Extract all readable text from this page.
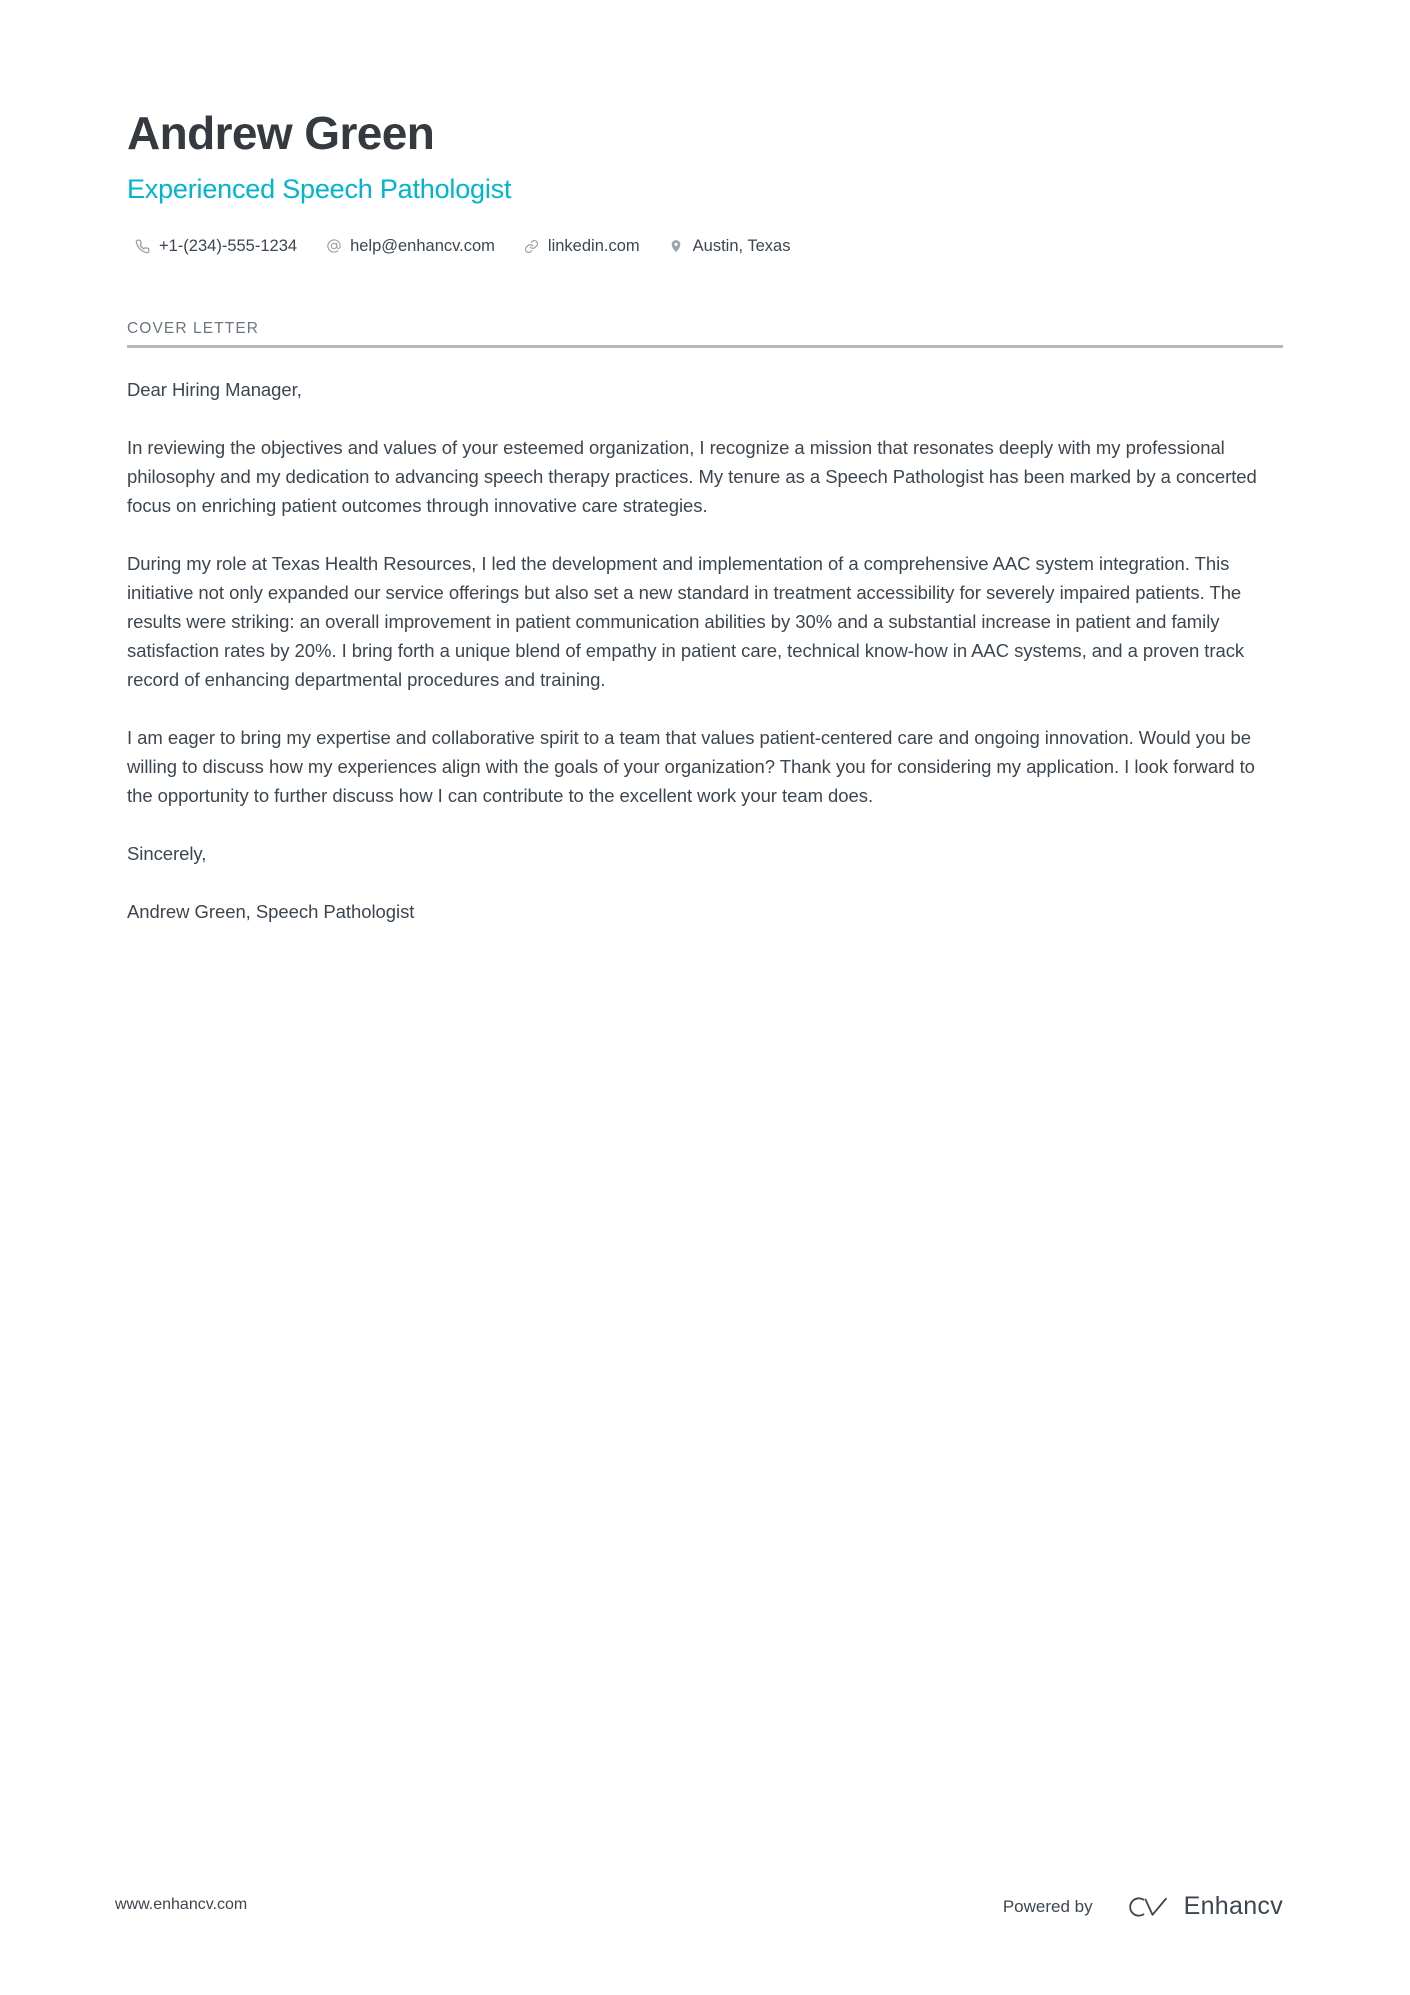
Andrew Green
Experienced Speech Pathologist
+1-(234)-555-1234	help@enhancv.com	linkedin.com	Austin, Texas
COVER LETTER

Dear Hiring Manager,

In reviewing the objectives and values of your esteemed organization, I recognize a mission that resonates deeply with my professional philosophy and my dedication to advancing speech therapy practices. My tenure as a Speech Pathologist has been marked by a concerted focus on enriching patient outcomes through innovative care strategies.

During my role at Texas Health Resources, I led the development and implementation of a comprehensive AAC system integration. This initiative not only expanded our service offerings but also set a new standard in treatment accessibility for severely impaired patients. The results were striking: an overall improvement in patient communication abilities by 30% and a substantial increase in patient and family satisfaction rates by 20%. I bring forth a unique blend of empathy in patient care, technical know-how in AAC systems, and a proven track record of enhancing departmental procedures and training.

I am eager to bring my expertise and collaborative spirit to a team that values patient-centered care and ongoing innovation. Would you be willing to discuss how my experiences align with the goals of your organization? Thank you for considering my application. I look forward to the opportunity to further discuss how I can contribute to the excellent work your team does.

Sincerely,

Andrew Green, Speech Pathologist

www.enhancv.com	Powered by	Enhancv
